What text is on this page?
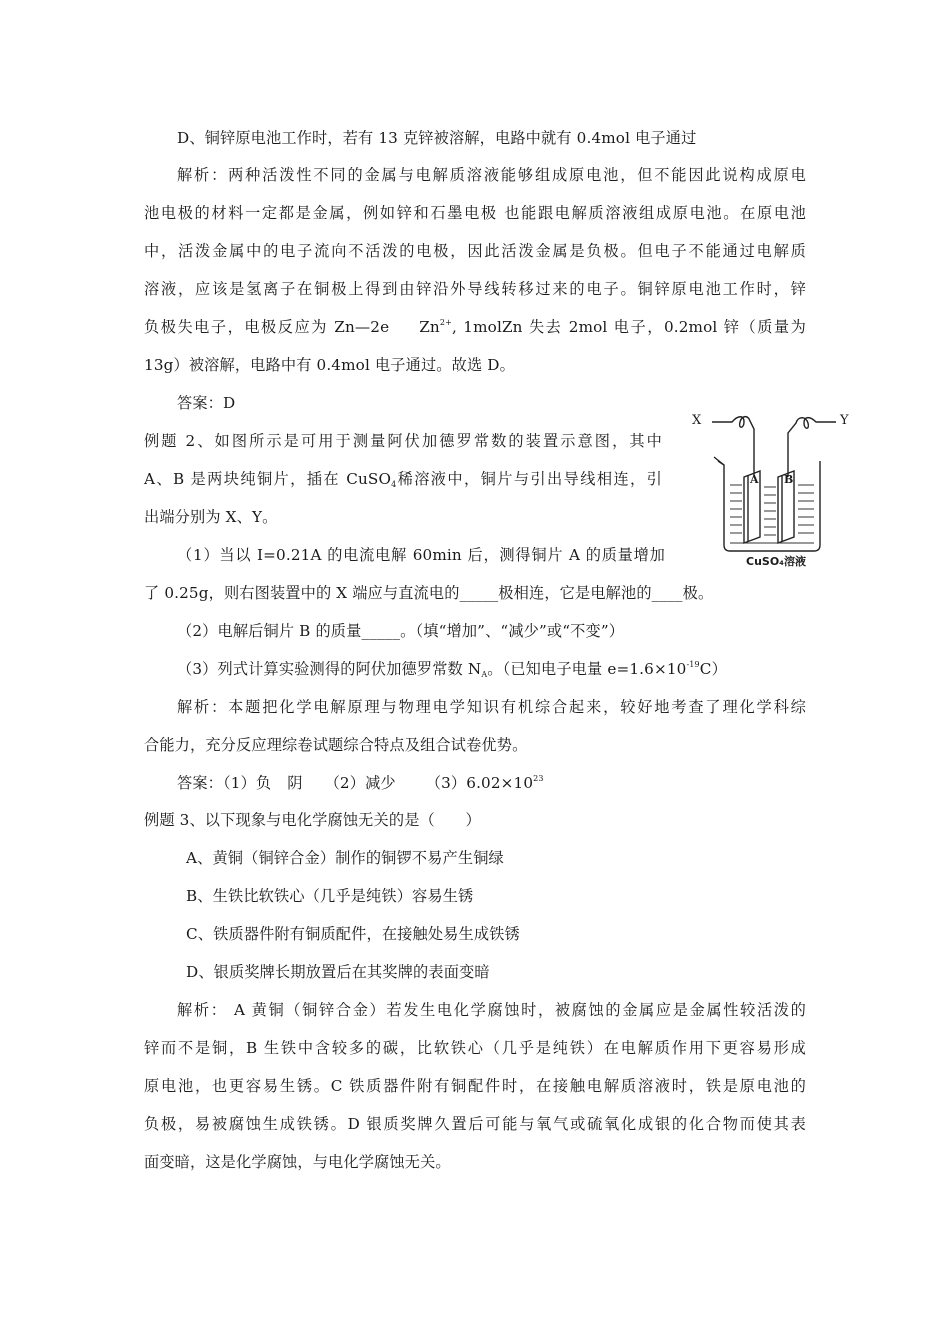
D、铜锌原电池工作时，若有 13 克锌被溶解，电路中就有 0.4mol 电子通过
解析：两种活泼性不同的金属与电解质溶液能够组成原电池，但不能因此说构成原电
池电极的材料一定都是金属，例如锌和石墨电极 也能跟电解质溶液组成原电池。在原电池
中，活泼金属中的电子流向不活泼的电极，因此活泼金属是负极。但电子不能通过电解质
溶液，应该是氢离子在铜极上得到由锌沿外导线转移过来的电子。铜锌原电池工作时，锌
负极失电子，电极反应为 Zn—2e $Zn^{2+}$, 1molZn 失去 2mol 电子，0.2mol 锌（质量为
13g）被溶解，电路中有 0.4mol 电子通过。故选 D。
答案：D
例题 2、如图所示是可用于测量阿伏加德罗常数的装置示意图，其中
A、B 是两块纯铜片，插在 CuSO$_4$稀溶液中，铜片与引出导线相连，引
出端分别为 X、Y。
（1）当以 I=0.21A 的电流电解 60min 后，测得铜片 A 的质量增加
了 0.25g，则右图装置中的 X 端应与直流电的_____极相连，它是电解池的____极。
（2）电解后铜片 B 的质量_____。（填“增加”、“减少”或“不变”）
（3）列式计算实验测得的阿伏加德罗常数 $N_A$。（已知电子电量 $e=1.6\times 10^{-19}C$）
解析：本题把化学电解原理与物理电学知识有机综合起来，较好地考查了理化学科综
合能力，充分反应理综卷试题综合特点及组合试卷优势。
答案：（1）负 阴 （2）减少 $(3)6.02\times 10^{23}$
例题 3、以下现象与电化学腐蚀无关的是（　　）
A、黄铜（铜锌合金）制作的铜锣不易产生铜绿
B、生铁比软铁心（几乎是纯铁）容易生锈
C、铁质器件附有铜质配件，在接触处易生成铁锈
D、银质奖牌长期放置后在其奖牌的表面变暗
解析： A 黄铜（铜锌合金）若发生电化学腐蚀时，被腐蚀的金属应是金属性较活泼的
锌而不是铜，B 生铁中含较多的碳，比软铁心（几乎是纯铁）在电解质作用下更容易形成
原电池，也更容易生锈。C 铁质器件附有铜配件时，在接触电解质溶液时，铁是原电池的
负极，易被腐蚀生成铁锈。D 银质奖牌久置后可能与氧气或硫氧化成银的化合物而使其表
面变暗，这是化学腐蚀，与电化学腐蚀无关。
X	Y
A B
CuSO₄溶液
